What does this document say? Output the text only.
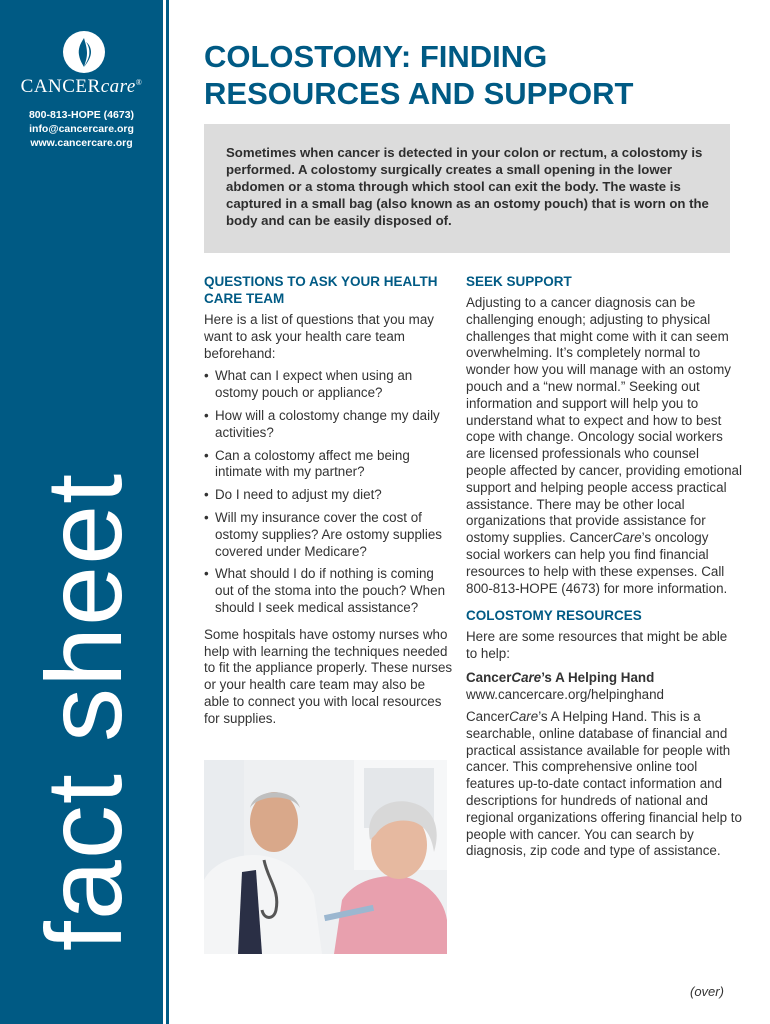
CANCERcare®
800-813-HOPE (4673)
info@cancercare.org
www.cancercare.org
fact sheet
COLOSTOMY: FINDING RESOURCES AND SUPPORT

Sometimes when cancer is detected in your colon or rectum, a colostomy is performed. A colostomy surgically creates a small opening in the lower abdomen or a stoma through which stool can exit the body. The waste is captured in a small bag (also known as an ostomy pouch) that is worn on the body and can be easily disposed of.

QUESTIONS TO ASK YOUR HEALTH CARE TEAM

Here is a list of questions that you may want to ask your health care team beforehand:

• What can I expect when using an ostomy pouch or appliance?
• How will a colostomy change my daily activities?
• Can a colostomy affect me being intimate with my partner?
• Do I need to adjust my diet?
• Will my insurance cover the cost of ostomy supplies? Are ostomy supplies covered under Medicare?
• What should I do if nothing is coming out of the stoma into the pouch? When should I seek medical assistance?

Some hospitals have ostomy nurses who help with learning the techniques needed to fit the appliance properly. These nurses or your health care team may also be able to connect you with local resources for supplies.

SEEK SUPPORT

Adjusting to a cancer diagnosis can be challenging enough; adjusting to physical challenges that might come with it can seem overwhelming. It’s completely normal to wonder how you will manage with an ostomy pouch and a “new normal.” Seeking out information and support will help you to understand what to expect and how to best cope with change. Oncology social workers are licensed professionals who counsel people affected by cancer, providing emotional support and helping people access practical assistance. There may be other local organizations that provide assistance for ostomy supplies. CancerCare’s oncology social workers can help you find financial resources to help with these expenses. Call 800-813-HOPE (4673) for more information.

COLOSTOMY RESOURCES

Here are some resources that might be able to help:

CancerCare’s A Helping Hand

www.cancercare.org/helpinghand

CancerCare’s A Helping Hand. This is a searchable, online database of financial and practical assistance available for people with cancer. This comprehensive online tool features up-to-date contact information and descriptions for hundreds of national and regional organizations offering financial help to people with cancer. You can search by diagnosis, zip code and type of assistance.

(over)
